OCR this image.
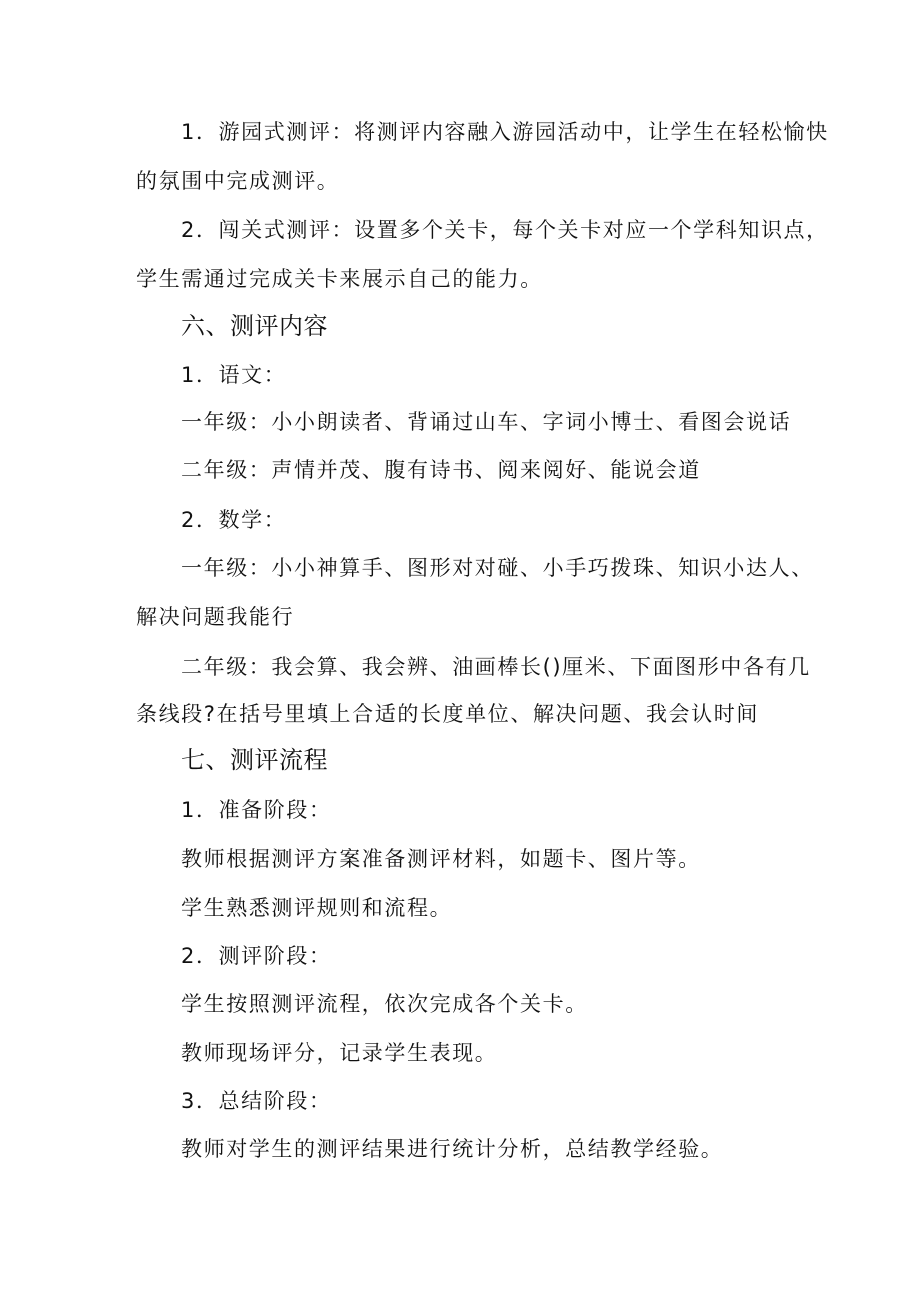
1．游园式测评：将测评内容融入游园活动中，让学生在轻松愉快
的氛围中完成测评。
2．闯关式测评：设置多个关卡，每个关卡对应一个学科知识点，
学生需通过完成关卡来展示自己的能力。
六、测评内容
1．语文：
一年级：小小朗读者、背诵过山车、字词小博士、看图会说话
二年级：声情并茂、腹有诗书、阅来阅好、能说会道
2．数学：
一年级：小小神算手、图形对对碰、小手巧拨珠、知识小达人、
解决问题我能行
二年级：我会算、我会辨、油画棒长()厘米、下面图形中各有几
条线段?在括号里填上合适的长度单位、解决问题、我会认时间
七、测评流程
1．准备阶段：
教师根据测评方案准备测评材料，如题卡、图片等。
学生熟悉测评规则和流程。
2．测评阶段：
学生按照测评流程，依次完成各个关卡。
教师现场评分，记录学生表现。
3．总结阶段：
教师对学生的测评结果进行统计分析，总结教学经验。
